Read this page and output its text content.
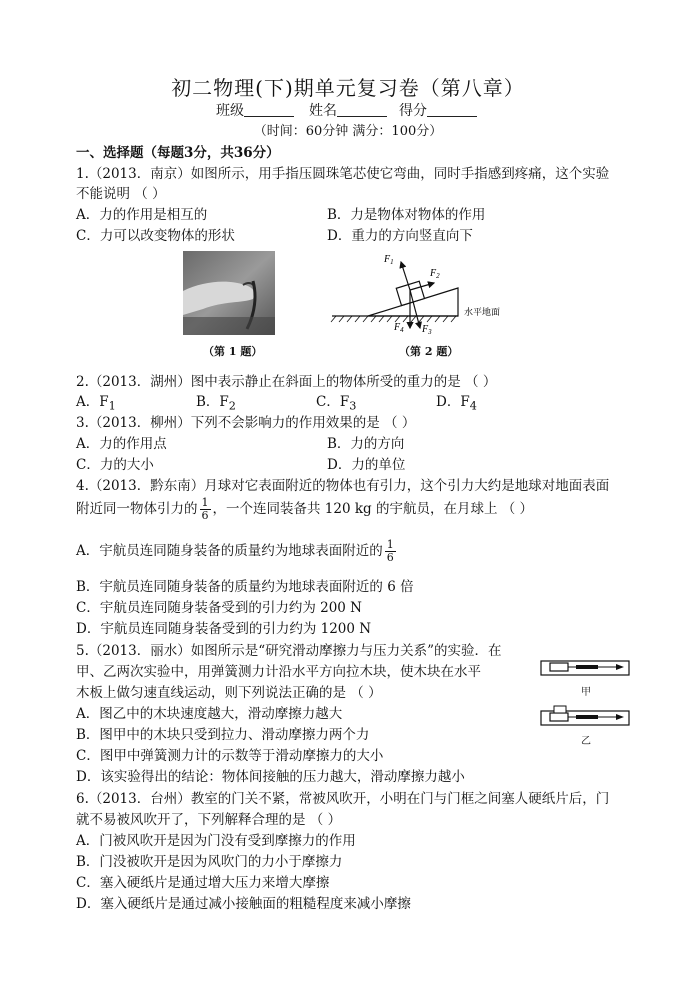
初二物理(下)期单元复习卷（第八章）
班级	姓名	得分
（时间：60分钟 满分：100分）
一、选择题（每题3分，共36分）
1.（2013．南京）如图所示，用手指压圆珠笔芯使它弯曲，同时手指感到疼痛，这个实验
不能说明 （ ）
A．力的作用是相互的	B．力是物体对物体的作用
C．力可以改变物体的形状	D．重力的方向竖直向下
（第 1 题）
$F_1$
$F_2$
$F_4$ $F_3$
水平地面
（第 2 题）
2.（2013．湖州）图中表示静止在斜面上的物体所受的重力的是 （ ）
A．$F_1$	B．$F_2$	C．$F_3$	D．$F_4$
3.（2013．柳州）下列不会影响力的作用效果的是 （ ）
A．力的作用点	B．力的方向
C．力的大小	D．力的单位
4.（2013．黔东南）月球对它表面附近的物体也有引力，这个引力大约是地球对地面表面
附近同一物体引力的 $\frac{1}{6}$ ，一个连同装备共 120 kg 的宇航员，在月球上 （ ）
A．宇航员连同随身装备的质量约为地球表面附近的 $\frac{1}{6}$
B．宇航员连同随身装备的质量约为地球表面附近的 6 倍
C．宇航员连同随身装备受到的引力约为 200 N
D．宇航员连同随身装备受到的引力约为 1200 N
5.（2013．丽水）如图所示是“研究滑动摩擦力与压力关系”的实验．在
甲、乙两次实验中，用弹簧测力计沿水平方向拉木块，使木块在水平
木板上做匀速直线运动，则下列说法正确的是 （ ）
A．图乙中的木块速度越大，滑动摩擦力越大
B．图甲中的木块只受到拉力、滑动摩擦力两个力
C．图甲中弹簧测力计的示数等于滑动摩擦力的大小
D．该实验得出的结论：物体间接触的压力越大，滑动摩擦力越小
甲
乙
6.（2013．台州）教室的门关不紧，常被风吹开，小明在门与门框之间塞人硬纸片后，门
就不易被风吹开了，下列解释合理的是 （ ）
A．门被风吹开是因为门没有受到摩擦力的作用
B．门没被吹开是因为风吹门的力小于摩擦力
C．塞入硬纸片是通过增大压力来增大摩擦
D．塞入硬纸片是通过减小接触面的粗糙程度来减小摩擦
